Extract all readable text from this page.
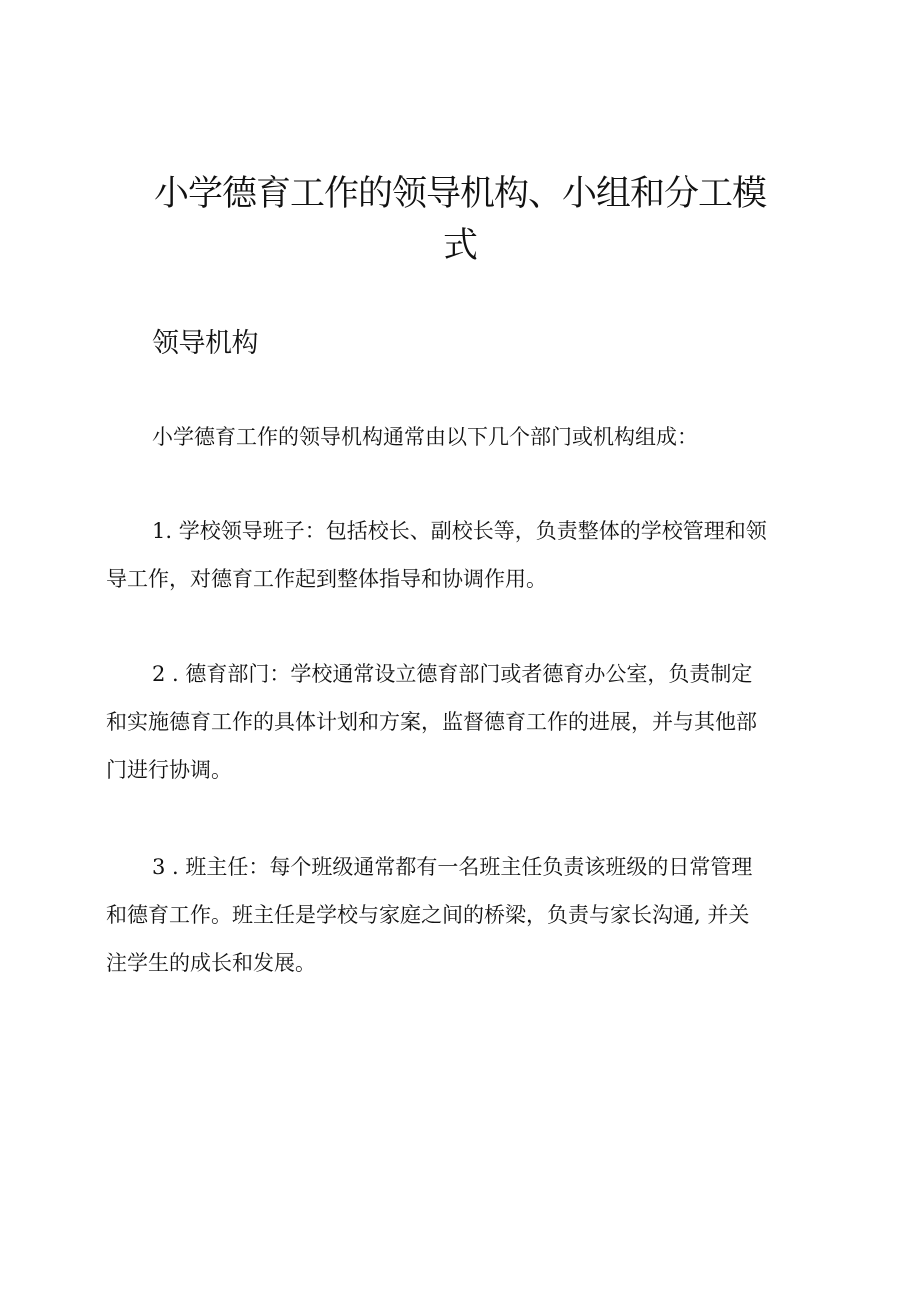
小学德育工作的领导机构、小组和分工模
式
领导机构

小学德育工作的领导机构通常由以下几个部门或机构组成：

1. 学校领导班子：包括校长、副校长等，负责整体的学校管理和领
导工作，对德育工作起到整体指导和协调作用。

2 . 德育部门：学校通常设立德育部门或者德育办公室，负责制定
和实施德育工作的具体计划和方案，监督德育工作的进展，并与其他部
门进行协调。

3 . 班主任：每个班级通常都有一名班主任负责该班级的日常管理
和德育工作。班主任是学校与家庭之间的桥梁，负责与家长沟通, 并关
注学生的成长和发展。
